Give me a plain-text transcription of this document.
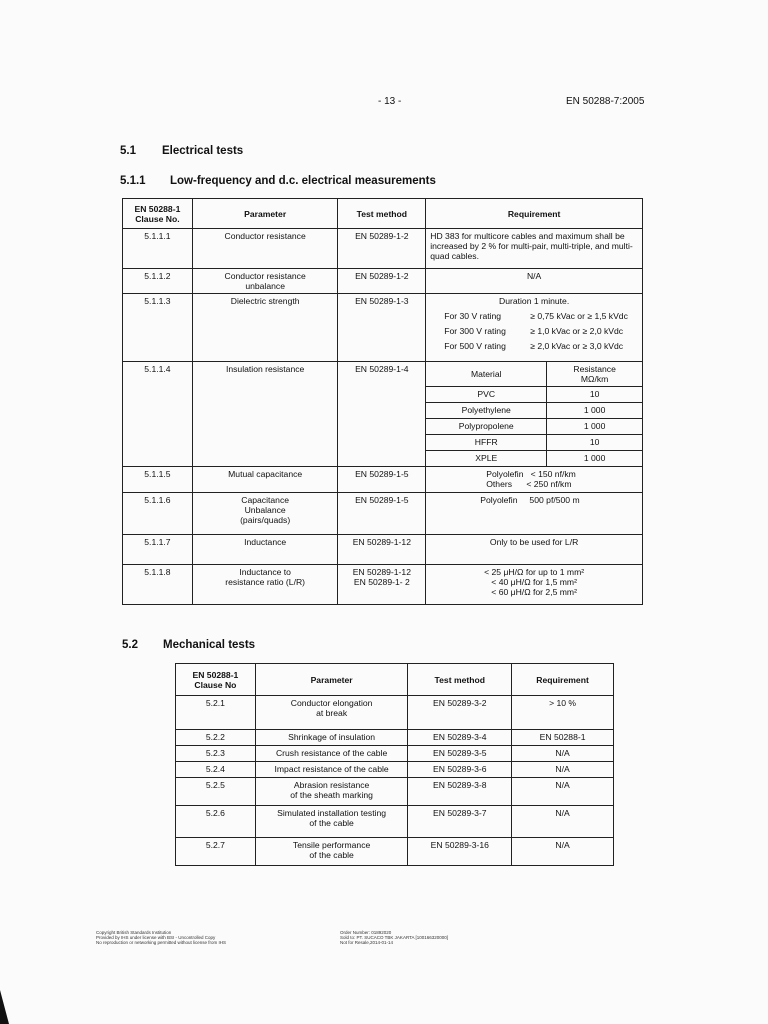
- 13 -	EN 50288-7:2005
5.1 Electrical tests
5.1.1 Low-frequency and d.c. electrical measurements
EN 50288-1
Clause No.	Parameter	Test method	Requirement
5.1.1.1	Conductor resistance	EN 50289-1-2	HD 383 for multicore cables and maximum shall be increased by 2 % for multi-pair, multi-triple, and multi-quad cables.
5.1.1.2	Conductor resistance
unbalance	EN 50289-1-2	N/A
5.1.1.3	Dielectric strength	EN 50289-1-3	Duration 1 minute.
For 30 V rating	≥ 0,75 kVac or ≥ 1,5 kVdc
For 300 V rating	≥ 1,0 kVac or ≥ 2,0 kVdc
For 500 V rating	≥ 2,0 kVac or ≥ 3,0 kVdc

5.1.1.4	Insulation resistance	EN 50289-1-4		Material	Resistance
MΩ/km
PVC	10
Polyethylene	1 000
Polypropolene	1 000
HFFR	10
XPLE	1 000

5.1.1.5	Mutual capacitance	EN 50289-1-5	Polyolefin   < 150 nf/km
Others      < 250 nf/km
5.1.1.6	Capacitance
Unbalance
(pairs/quads)	EN 50289-1-5	Polyolefin     500 pf/500 m
5.1.1.7	Inductance	EN 50289-1-12	Only to be used for L/R
5.1.1.8	Inductance to
resistance ratio (L/R)	EN 50289-1-12
EN 50289-1- 2	
< 25 μH/Ω for up to 1 mm²
< 40 μH/Ω for 1,5 mm²
< 60 μH/Ω for 2,5 mm²
5.2 Mechanical tests
EN 50288-1
Clause No	Parameter	Test method	Requirement
5.2.1	Conductor elongation
at break	EN 50289-3-2	> 10 %
5.2.2	Shrinkage of insulation	EN 50289-3-4	EN 50288-1
5.2.3	Crush resistance of the cable	EN 50289-3-5	N/A
5.2.4	Impact resistance of the cable	EN 50289-3-6	N/A
5.2.5	Abrasion resistance
of the sheath marking	EN 50289-3-8	N/A
5.2.6	Simulated installation testing
of the cable	EN 50289-3-7	N/A
5.2.7	Tensile performance
of the cable	EN 50289-3-16	N/A
Copyright British Standards Institution
Provided by IHS under license with BSI - Uncontrolled Copy
No reproduction or networking permitted without license from IHS
Order Number: 01892020
Sold to: PT. SUCACO TBK JAKARTA [100166320000]
Not for Resale,2014-01-14
